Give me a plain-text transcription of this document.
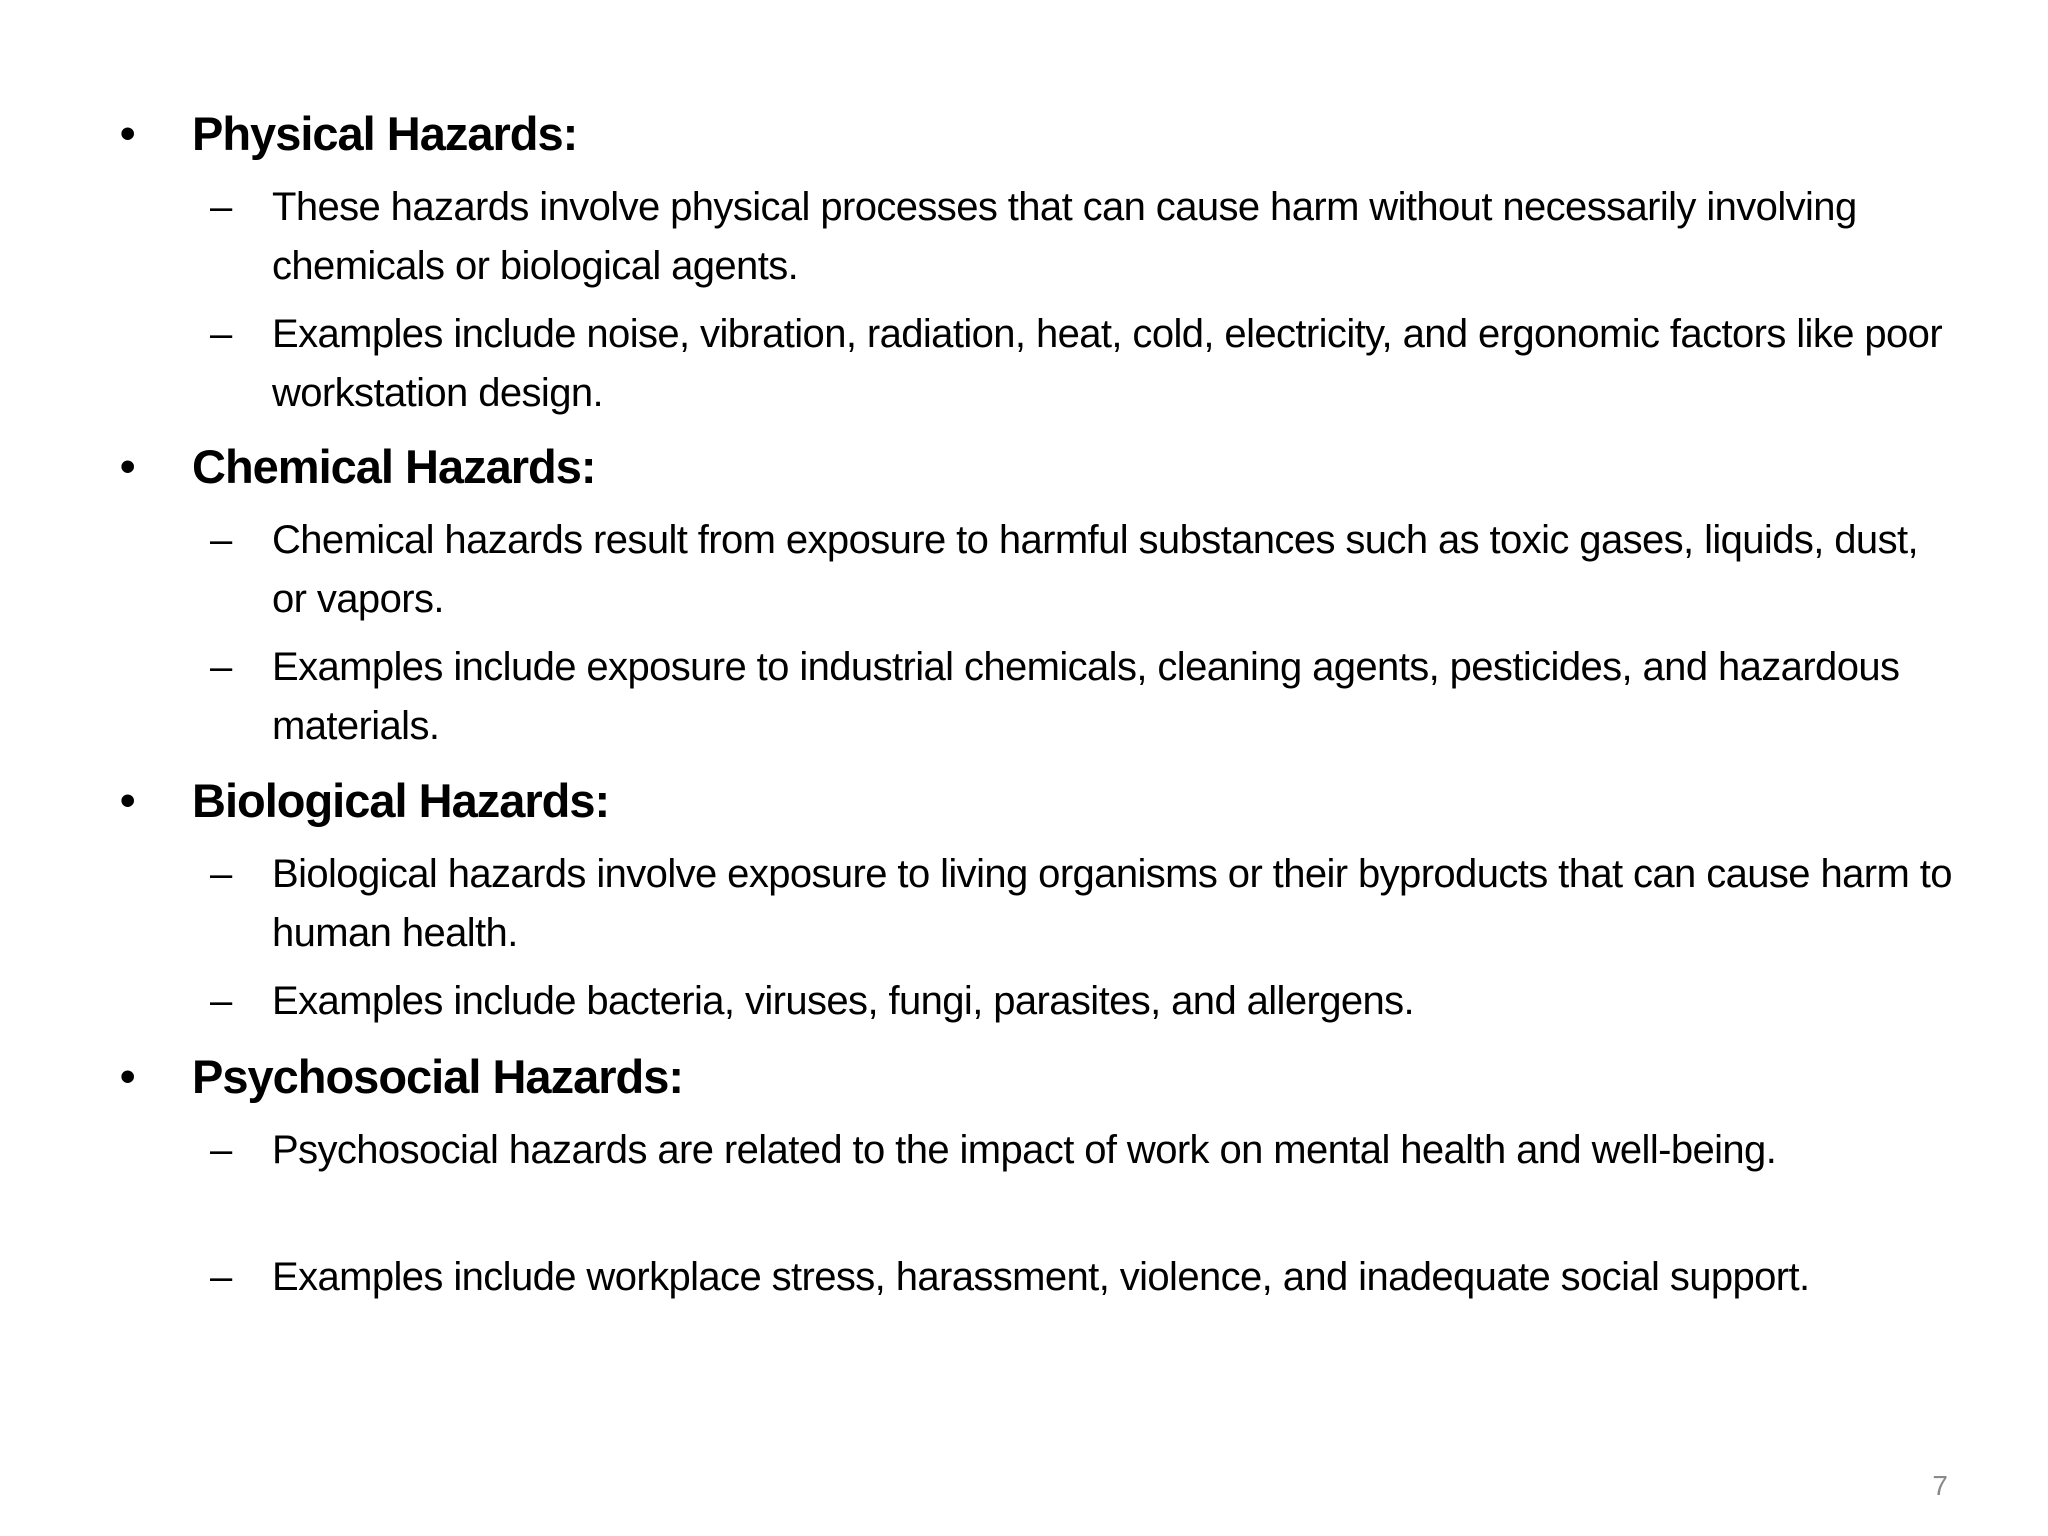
• Physical Hazards:
– These hazards involve physical processes that can cause harm without necessarily involving chemicals or biological agents.
– Examples include noise, vibration, radiation, heat, cold, electricity, and ergonomic factors like poor workstation design.
• Chemical Hazards:
– Chemical hazards result from exposure to harmful substances such as toxic gases, liquids, dust, or vapors.
– Examples include exposure to industrial chemicals, cleaning agents, pesticides, and hazardous materials.
• Biological Hazards:
– Biological hazards involve exposure to living organisms or their byproducts that can cause harm to human health.
– Examples include bacteria, viruses, fungi, parasites, and allergens.
• Psychosocial Hazards:
– Psychosocial hazards are related to the impact of work on mental health and well-being.
– Examples include workplace stress, harassment, violence, and inadequate social support.
7
